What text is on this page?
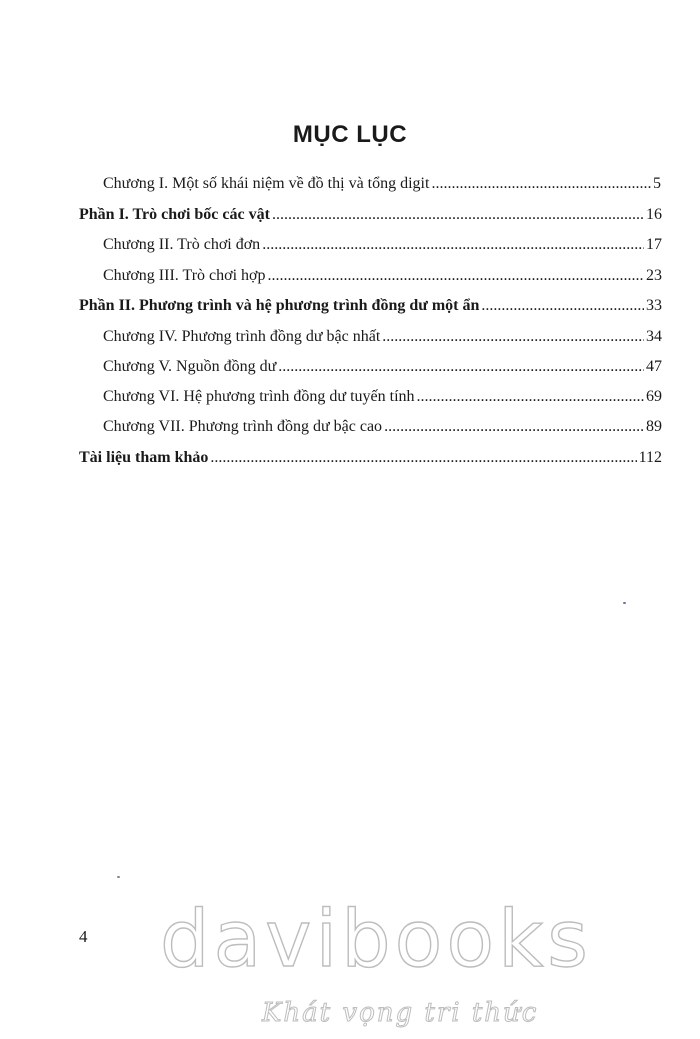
MỤC LỤC
Chương I. Một số khái niệm về đồ thị và tổng digit .....	5
Phần I. Trò chơi bốc các vật .....	16
Chương II. Trò chơi đơn .....	17
Chương III. Trò chơi hợp .....	23
Phần II. Phương trình và hệ phương trình đồng dư một ẩn .....	33
Chương IV. Phương trình đồng dư bậc nhất .....	34
Chương V. Nguồn đồng dư .....	47
Chương VI. Hệ phương trình đồng dư tuyến tính .....	69
Chương VII. Phương trình đồng dư bậc cao .....	89
Tài liệu tham khảo .....	112
4 davibooks
Khát vọng tri thức
